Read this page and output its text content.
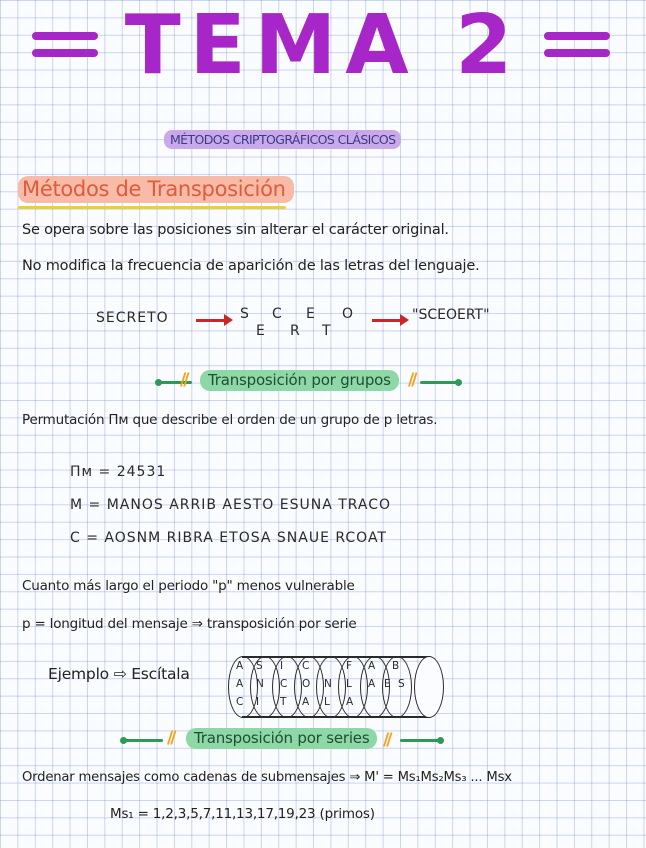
TEMA 2
MÉTODOS CRIPTOGRÁFICOS CLÁSICOS
Métodos de Transposición
Se opera sobre las posiciones sin alterar el carácter original.
No modifica la frecuencia de aparición de las letras del lenguaje.
SECRETO	S C E O
E R T
"SCEOERT"
//	Transposición por grupos	//
Permutación Πм que describe el orden de un grupo de p letras.
Πм = 24531
M = MANOS ARRIB AESTO ESUNA TRACO
C = AOSNM RIBRA ETOSA SNAUE RCOAT
Cuanto más largo el periodo "p" menos vulnerable
p = longitud del mensaje ⇒ transposición por serie
Ejemplo ⇨ Escítala	A S I C	F A B
A N C O N L A E S
C I T A L A
//	Transposición por series //
Ordenar mensajes como cadenas de submensajes ⇒ M' = Ms₁Ms₂Ms₃ ... Msx
Ms₁ = 1,2,3,5,7,11,13,17,19,23 (primos)
